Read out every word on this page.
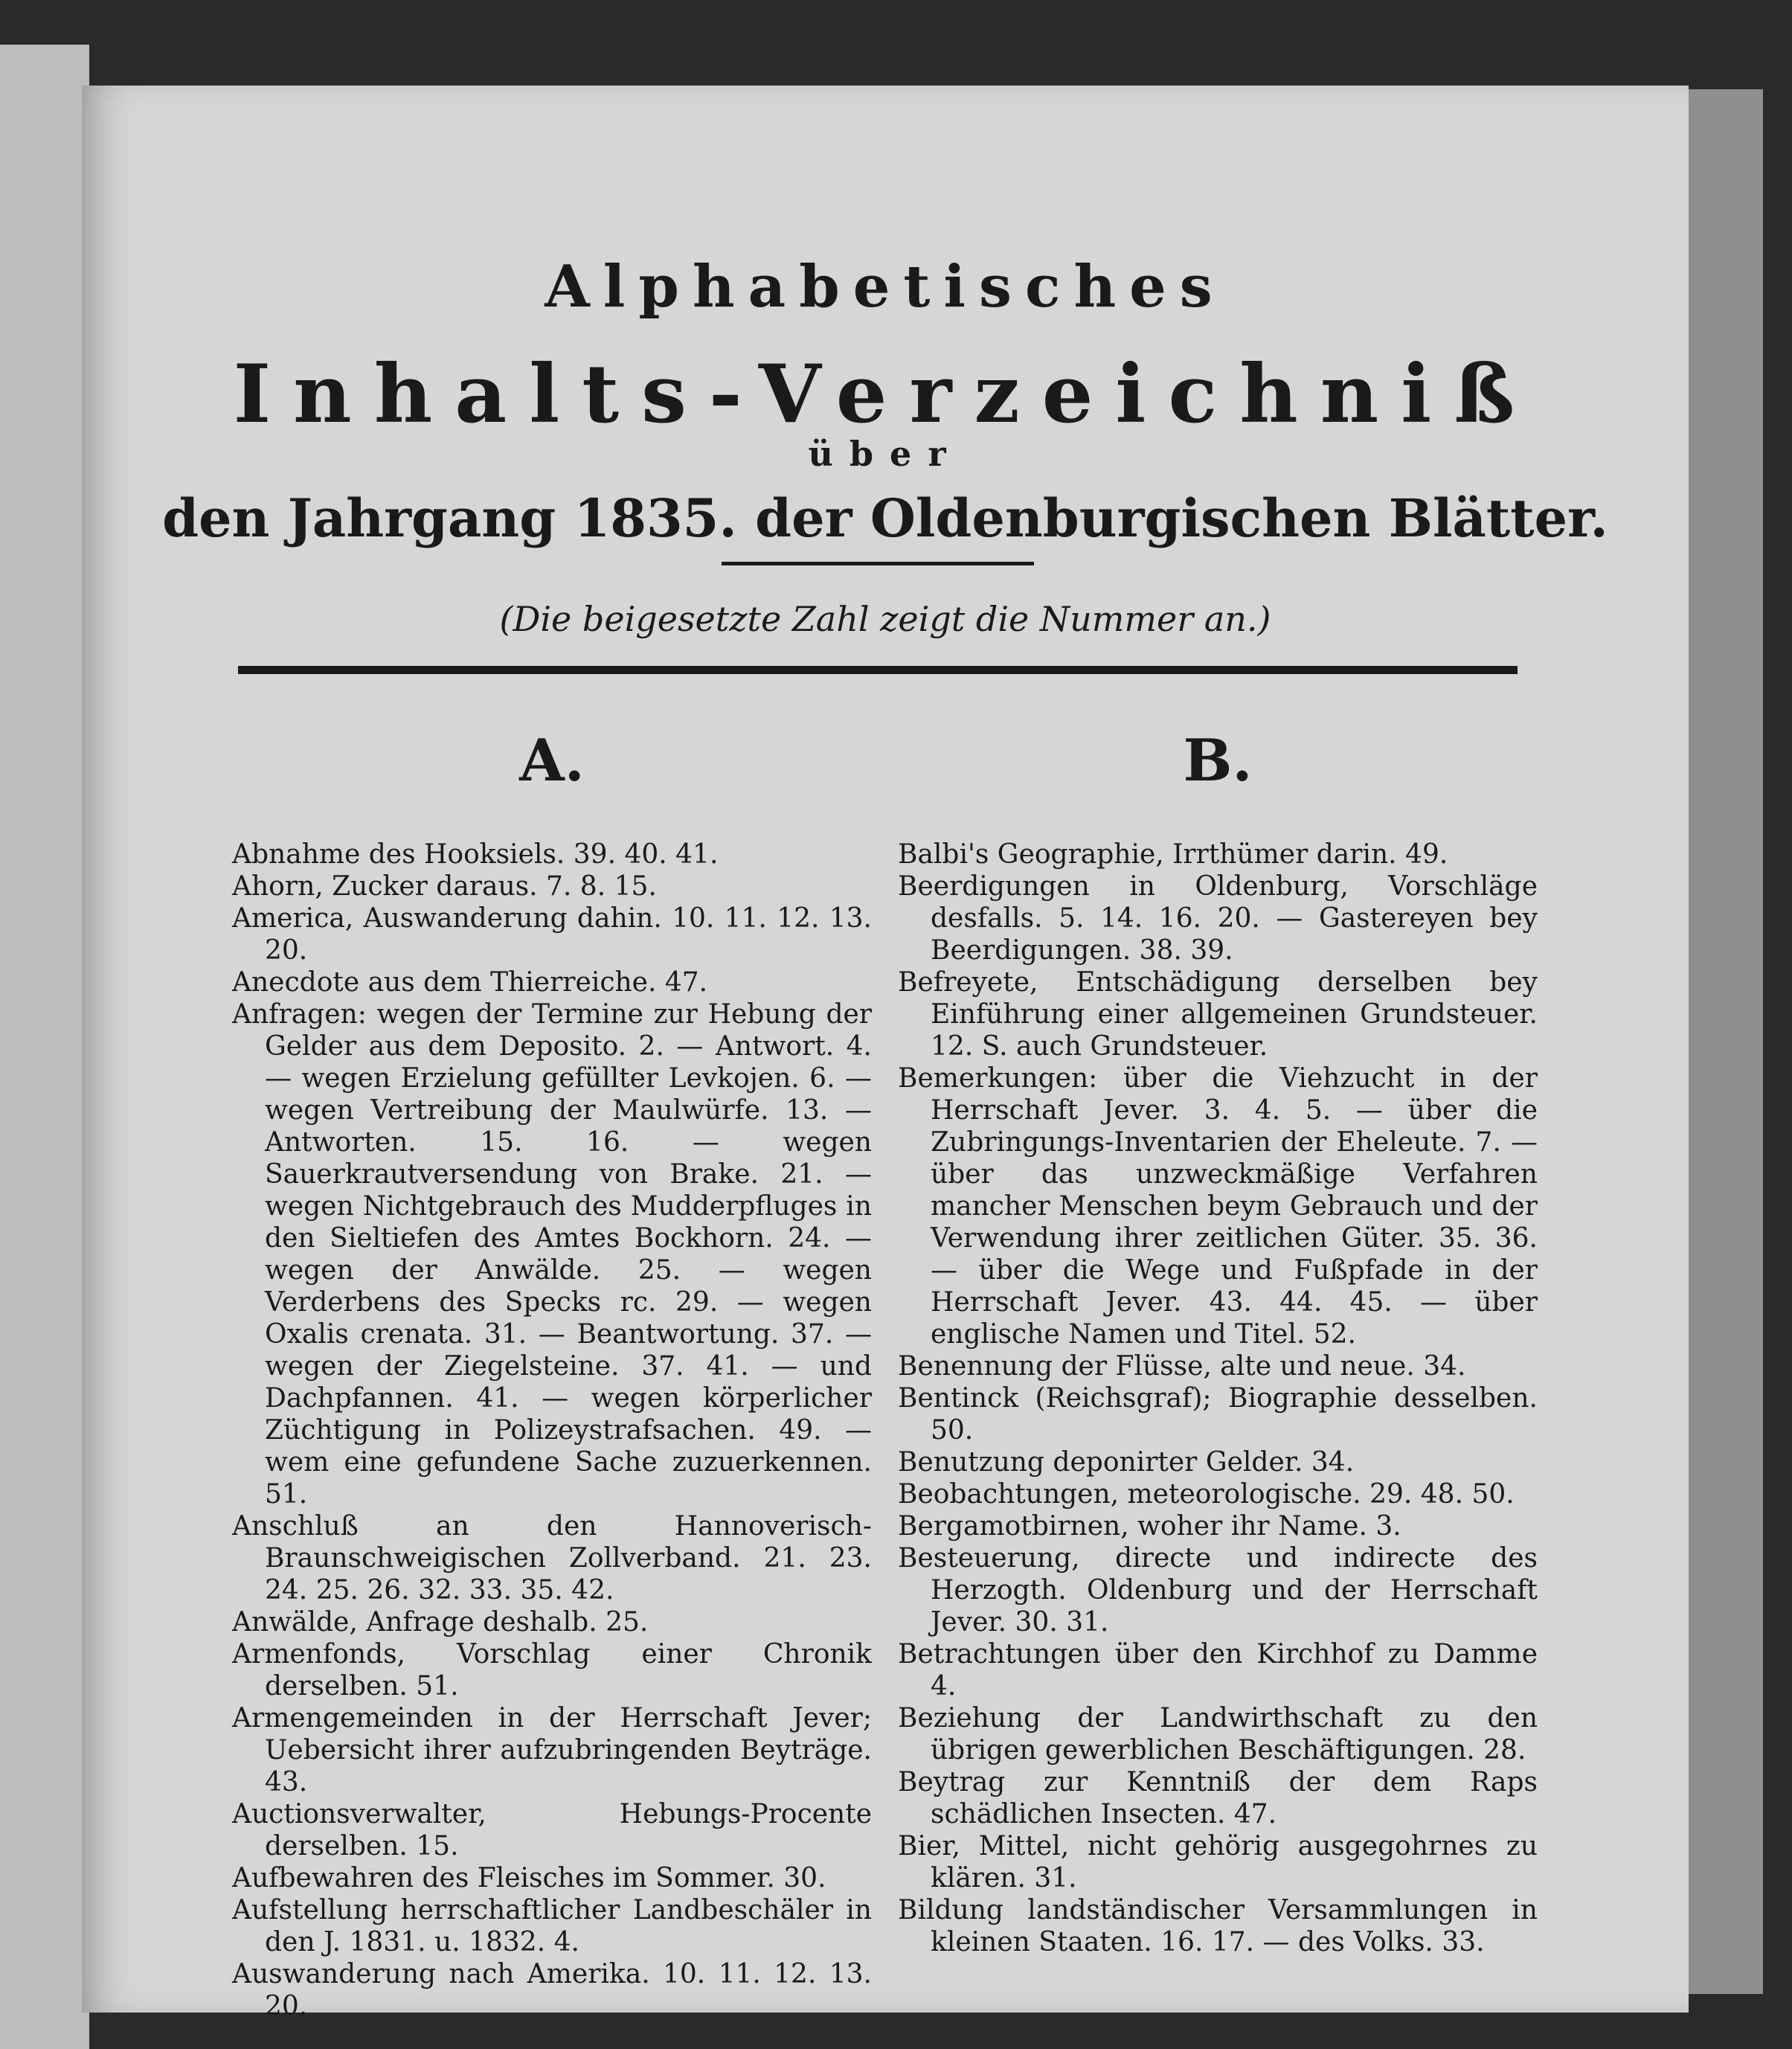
Alphabetisches
Inhalts-Verzeichniß
über
den Jahrgang 1835. der Oldenburgischen Blätter.
(Die beigesetzte Zahl zeigt die Nummer an.)
A.
Abnahme des Hooksiels. 39. 40. 41.
Ahorn, Zucker daraus. 7. 8. 15.
America, Auswanderung dahin. 10. 11. 12. 13. 20.
Anecdote aus dem Thierreiche. 47.
Anfragen: wegen der Termine zur Hebung der Gelder aus dem Deposito. 2. — Antwort. 4. — wegen Erzielung gefüllter Levkojen. 6. — wegen Vertreibung der Maulwürfe. 13. — Antworten. 15. 16. — wegen Sauerkrautversendung von Brake. 21. — wegen Nichtgebrauch des Mudderpfluges in den Sieltiefen des Amtes Bockhorn. 24. — wegen der Anwälde. 25. — wegen Verderbens des Specks rc. 29. — wegen Oxalis crenata. 31. — Beantwortung. 37. — wegen der Ziegelsteine. 37. 41. — und Dachpfannen. 41. — wegen körperlicher Züchtigung in Polizeystrafsachen. 49. — wem eine gefundene Sache zuzuerkennen. 51.
Anschluß an den Hannoverisch-Braunschweigischen Zollverband. 21. 23. 24. 25. 26. 32. 33. 35. 42.
Anwälde, Anfrage deshalb. 25.
Armenfonds, Vorschlag einer Chronik derselben. 51.
Armengemeinden in der Herrschaft Jever; Uebersicht ihrer aufzubringenden Beyträge. 43.
Auctionsverwalter, Hebungs-Procente derselben. 15.
Aufbewahren des Fleisches im Sommer. 30.
Aufstellung herrschaftlicher Landbeschäler in den J. 1831. u. 1832. 4.
Auswanderung nach Amerika. 10. 11. 12. 13. 20.
B.
Balbi's Geographie, Irrthümer darin. 49.
Beerdigungen in Oldenburg, Vorschläge desfalls. 5. 14. 16. 20. — Gastereyen bey Beerdigungen. 38. 39.
Befreyete, Entschädigung derselben bey Einführung einer allgemeinen Grundsteuer. 12. S. auch Grundsteuer.
Bemerkungen: über die Viehzucht in der Herrschaft Jever. 3. 4. 5. — über die Zubringungs-Inventarien der Eheleute. 7. — über das unzweckmäßige Verfahren mancher Menschen beym Gebrauch und der Verwendung ihrer zeitlichen Güter. 35. 36. — über die Wege und Fußpfade in der Herrschaft Jever. 43. 44. 45. — über englische Namen und Titel. 52.
Benennung der Flüsse, alte und neue. 34.
Bentinck (Reichsgraf); Biographie desselben. 50.
Benutzung deponirter Gelder. 34.
Beobachtungen, meteorologische. 29. 48. 50.
Bergamotbirnen, woher ihr Name. 3.
Besteuerung, directe und indirecte des Herzogth. Oldenburg und der Herrschaft Jever. 30. 31.
Betrachtungen über den Kirchhof zu Damme 4.
Beziehung der Landwirthschaft zu den übrigen gewerblichen Beschäftigungen. 28.
Beytrag zur Kenntniß der dem Raps schädlichen Insecten. 47.
Bier, Mittel, nicht gehörig ausgegohrnes zu klären. 31.
Bildung landständischer Versammlungen in kleinen Staaten. 16. 17. — des Volks. 33.
